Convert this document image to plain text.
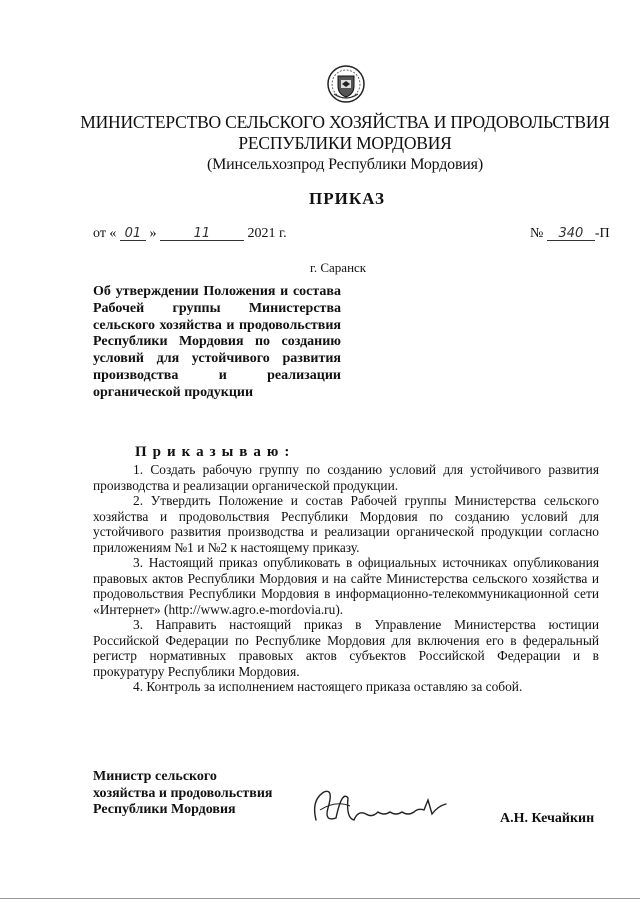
МИНИСТЕРСТВО СЕЛЬСКОГО ХОЗЯЙСТВА И ПРОДОВОЛЬСТВИЯ
РЕСПУБЛИКИ МОРДОВИЯ
(Минсельхозпрод Республики Мордовия)
ПРИКАЗ
от « 01 »	11	2021 г.	№ 340 -П
г. Саранск
Об утверждении Положения и состава Рабочей группы Министерства сельского хозяйства и продовольствия Республики Мордовия по созданию условий для устойчивого развития производства и реализации органической продукции
Приказываю:

1. Создать рабочую группу по созданию условий для устойчивого развития производства и реализации органической продукции.

2. Утвердить Положение и состав Рабочей группы Министерства сельского хозяйства и продовольствия Республики Мордовия по созданию условий для устойчивого развития производства и реализации органической продукции согласно приложениям №1 и №2 к настоящему приказу.

3. Настоящий приказ опубликовать в официальных источниках опубликования правовых актов Республики Мордовия и на сайте Министерства сельского хозяйства и продовольствия Республики Мордовия в информационно-телекоммуникационной сети «Интернет» (http://www.agro.e-mordovia.ru).

3. Направить настоящий приказ в Управление Министерства юстиции Российской Федерации по Республике Мордовия для включения его в федеральный регистр нормативных правовых актов субъектов Российской Федерации и в прокуратуру Республики Мордовия.

4. Контроль за исполнением настоящего приказа оставляю за собой.

Министр сельского
хозяйства и продовольствия
Республики Мордовия
А.Н. Кечайкин
